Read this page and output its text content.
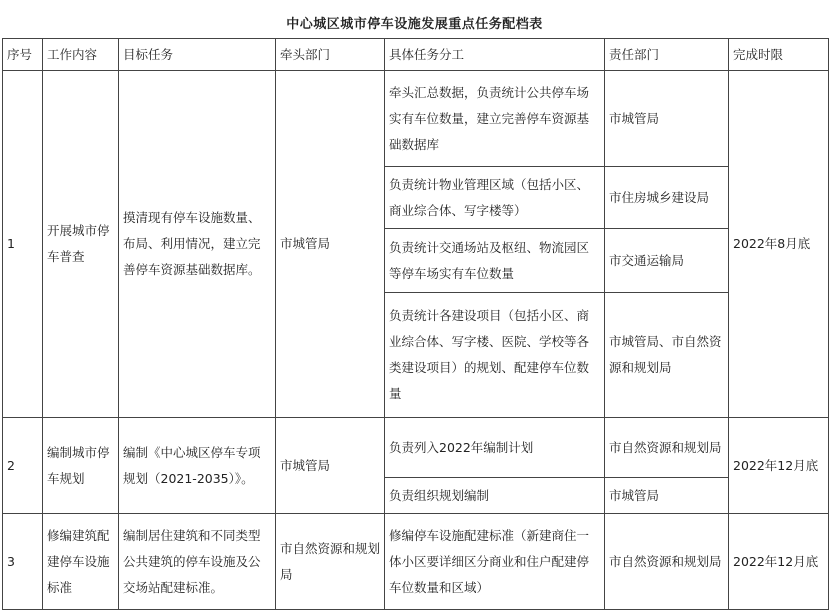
中心城区城市停车设施发展重点任务配档表
序号	工作内容	目标任务	牵头部门	具体任务分工	责任部门	完成时限
1	开展城市停车普查	摸清现有停车设施数量、布局、利用情况，建立完善停车资源基础数据库。	市城管局	牵头汇总数据，负责统计公共停车场实有车位数量，建立完善停车资源基础数据库	市城管局	2022年8月底
				负责统计物业管理区域（包括小区、商业综合体、写字楼等）	市住房城乡建设局	
				负责统计交通场站及枢纽、物流园区等停车场实有车位数量	市交通运输局	
				负责统计各建设项目（包括小区、商业综合体、写字楼、医院、学校等各类建设项目）的规划、配建停车位数量	市城管局、市自然资源和规划局	
2	编制城市停车规划	编制《中心城区停车专项规划（2021-2035）》。	市城管局	负责列入2022年编制计划	市自然资源和规划局	2022年12月底
				负责组织规划编制	市城管局	
3	修编建筑配建停车设施标准	编制居住建筑和不同类型公共建筑的停车设施及公交场站配建标准。	市自然资源和规划局	修编停车设施配建标准（新建商住一体小区要详细区分商业和住户配建停车位数量和区域）	市自然资源和规划局	2022年12月底
